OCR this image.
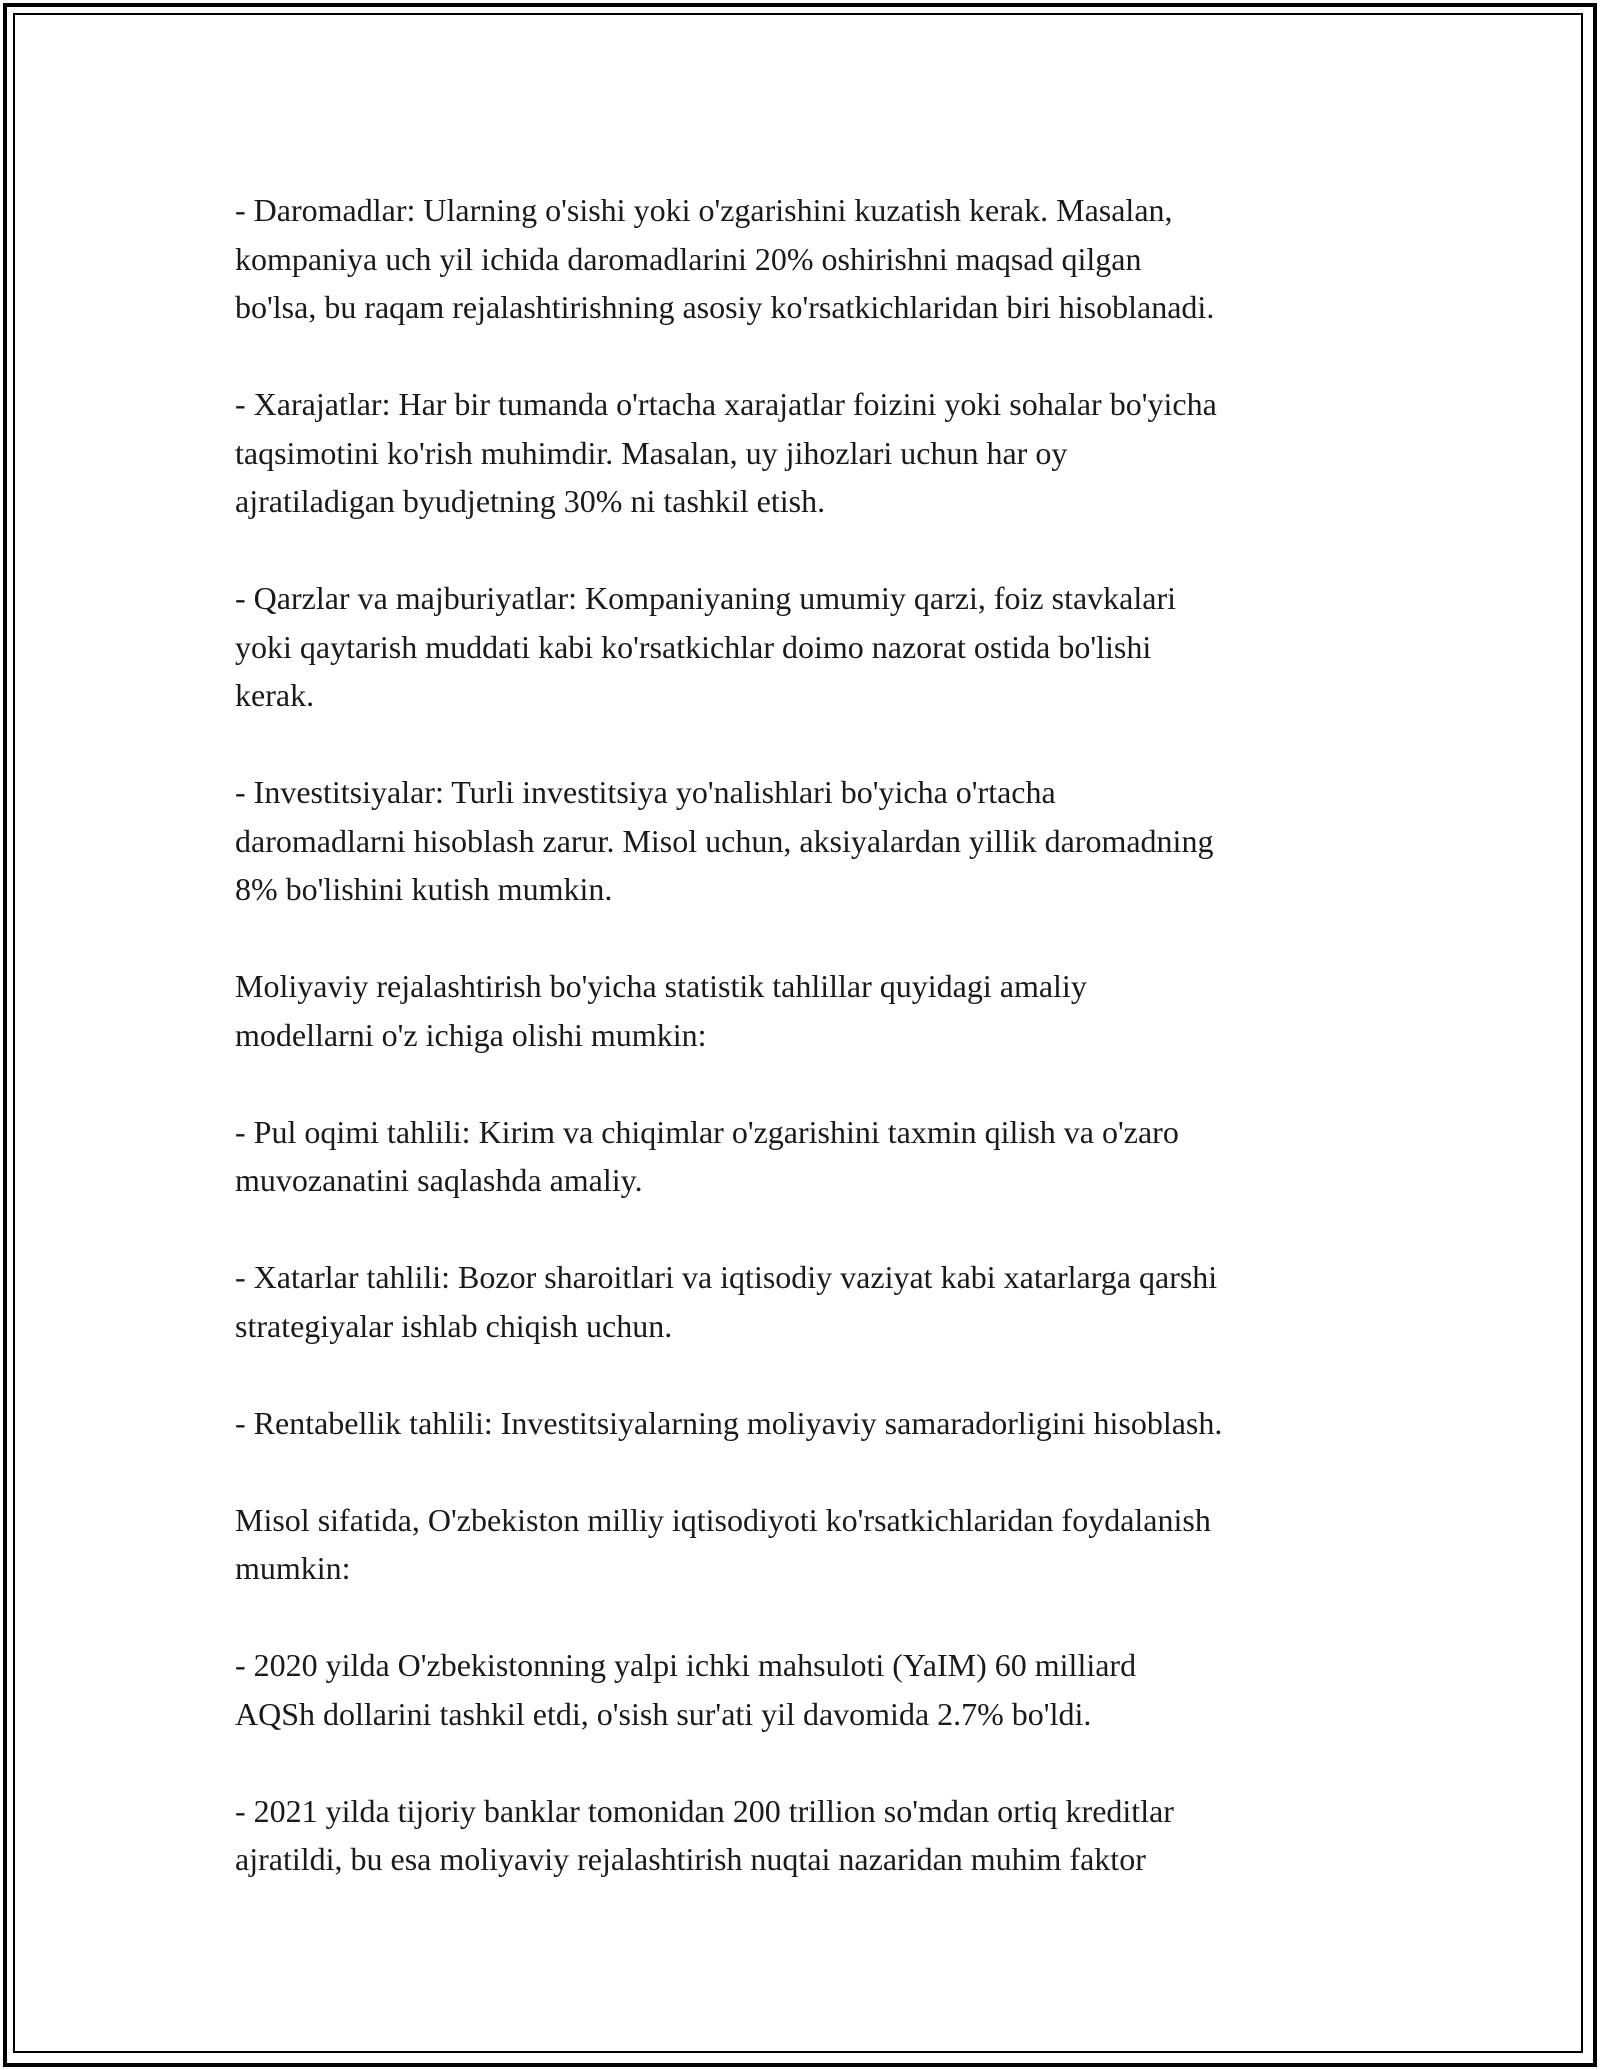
- Daromadlar: Ularning o'sishi yoki o'zgarishini kuzatish kerak. Masalan,
kompaniya uch yil ichida daromadlarini 20% oshirishni maqsad qilgan
bo'lsa, bu raqam rejalashtirishning asosiy ko'rsatkichlaridan biri hisoblanadi.

- Xarajatlar: Har bir tumanda o'rtacha xarajatlar foizini yoki sohalar bo'yicha
taqsimotini ko'rish muhimdir. Masalan, uy jihozlari uchun har oy
ajratiladigan byudjetning 30% ni tashkil etish.

- Qarzlar va majburiyatlar: Kompaniyaning umumiy qarzi, foiz stavkalari
yoki qaytarish muddati kabi ko'rsatkichlar doimo nazorat ostida bo'lishi
kerak.

- Investitsiyalar: Turli investitsiya yo'nalishlari bo'yicha o'rtacha
daromadlarni hisoblash zarur. Misol uchun, aksiyalardan yillik daromadning
8% bo'lishini kutish mumkin.

Moliyaviy rejalashtirish bo'yicha statistik tahlillar quyidagi amaliy
modellarni o'z ichiga olishi mumkin:

- Pul oqimi tahlili: Kirim va chiqimlar o'zgarishini taxmin qilish va o'zaro
muvozanatini saqlashda amaliy.

- Xatarlar tahlili: Bozor sharoitlari va iqtisodiy vaziyat kabi xatarlarga qarshi
strategiyalar ishlab chiqish uchun.

- Rentabellik tahlili: Investitsiyalarning moliyaviy samaradorligini hisoblash.

Misol sifatida, O'zbekiston milliy iqtisodiyoti ko'rsatkichlaridan foydalanish
mumkin:

- 2020 yilda O'zbekistonning yalpi ichki mahsuloti (YaIM) 60 milliard
AQSh dollarini tashkil etdi, o'sish sur'ati yil davomida 2.7% bo'ldi.

- 2021 yilda tijoriy banklar tomonidan 200 trillion so'mdan ortiq kreditlar
ajratildi, bu esa moliyaviy rejalashtirish nuqtai nazaridan muhim faktor
